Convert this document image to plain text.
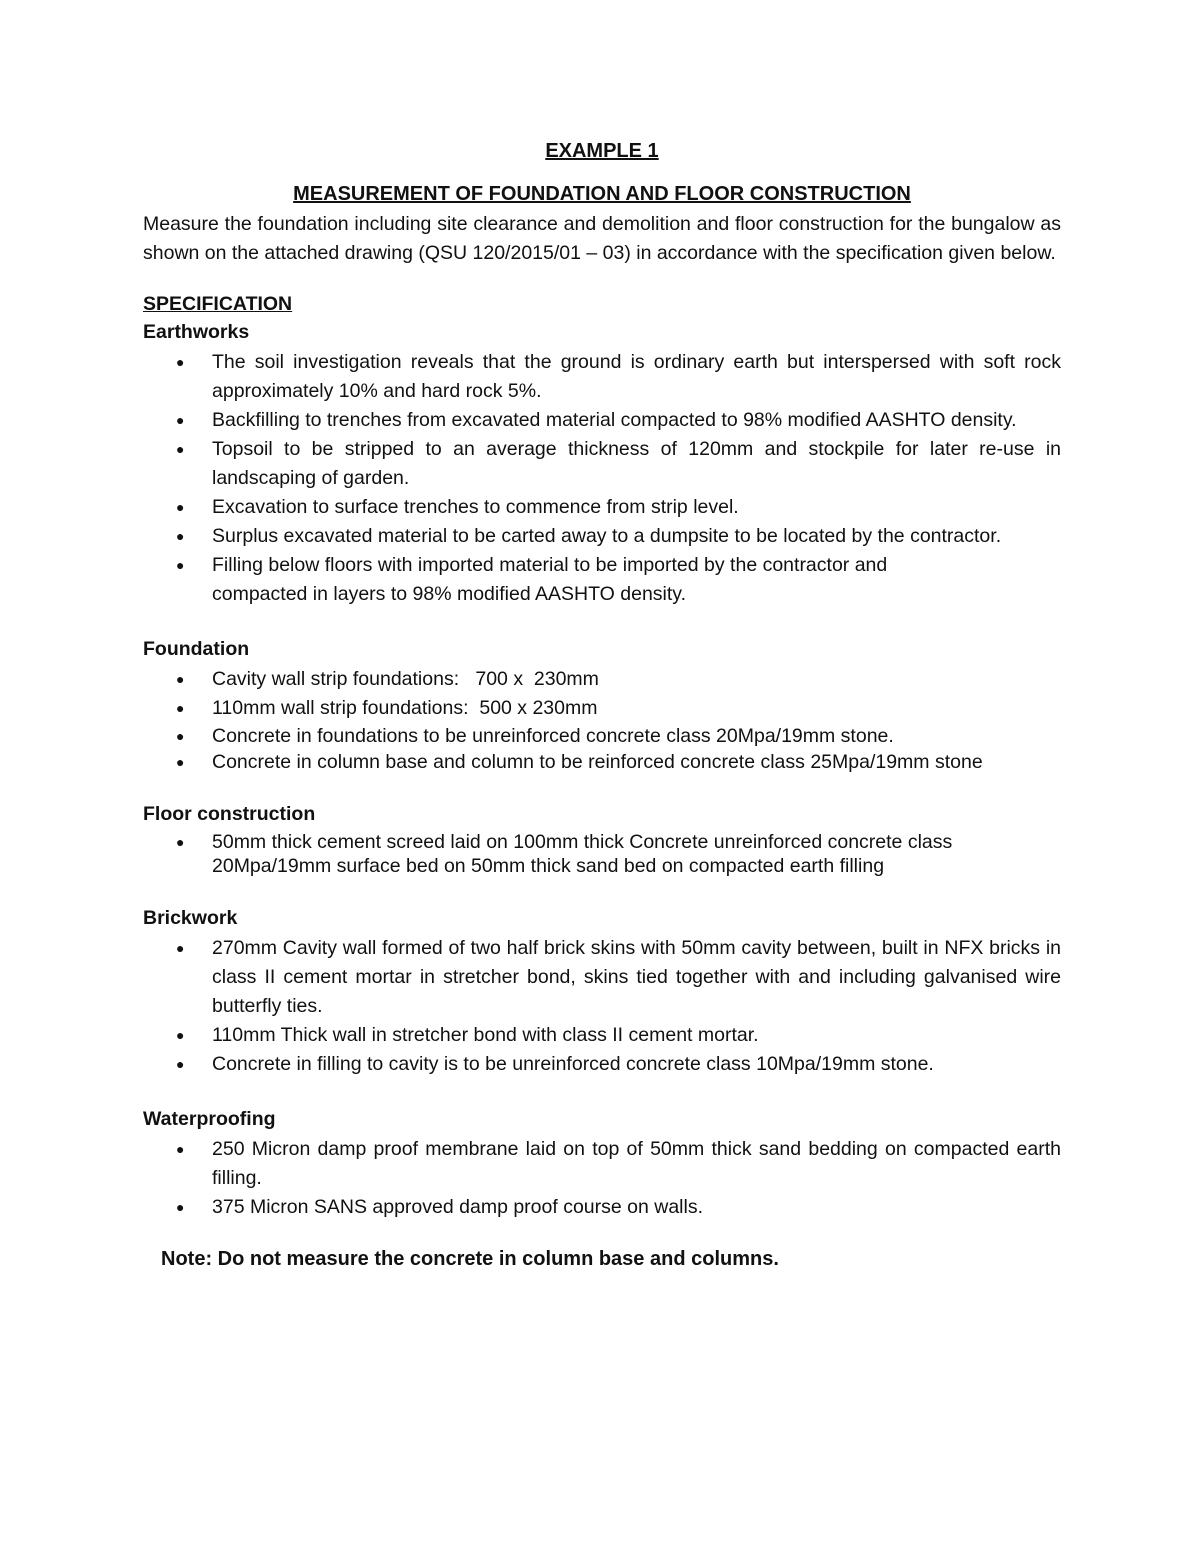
EXAMPLE 1

MEASUREMENT OF FOUNDATION AND FLOOR CONSTRUCTION

Measure the foundation including site clearance and demolition and floor construction for the bungalow as shown on the attached drawing (QSU 120/2015/01 – 03) in accordance with the specification given below.

SPECIFICATION

Earthworks

● The soil investigation reveals that the ground is ordinary earth but interspersed with soft rock approximately 10% and hard rock 5%.
● Backfilling to trenches from excavated material compacted to 98% modified AASHTO density.
● Topsoil to be stripped to an average thickness of 120mm and stockpile for later re-use in landscaping of garden.
● Excavation to surface trenches to commence from strip level.
● Surplus excavated material to be carted away to a dumpsite to be located by the contractor.
● Filling below floors with imported material to be imported by the contractor and compacted in layers to 98% modified AASHTO density.

Foundation

● Cavity wall strip foundations:   700 x  230mm
● 110mm wall strip foundations:  500 x 230mm
● Concrete in foundations to be unreinforced concrete class 20Mpa/19mm stone.
● Concrete in column base and column to be reinforced concrete class 25Mpa/19mm stone

Floor construction

● 50mm thick cement screed laid on 100mm thick Concrete unreinforced concrete class 20Mpa/19mm surface bed on 50mm thick sand bed on compacted earth filling

Brickwork

● 270mm Cavity wall formed of two half brick skins with 50mm cavity between, built in NFX bricks in class II cement mortar in stretcher bond, skins tied together with and including galvanised wire butterfly ties.
● 110mm Thick wall in stretcher bond with class II cement mortar.
● Concrete in filling to cavity is to be unreinforced concrete class 10Mpa/19mm stone.

Waterproofing

● 250 Micron damp proof membrane laid on top of 50mm thick sand bedding on compacted earth filling.
● 375 Micron SANS approved damp proof course on walls.

Note: Do not measure the concrete in column base and columns.
